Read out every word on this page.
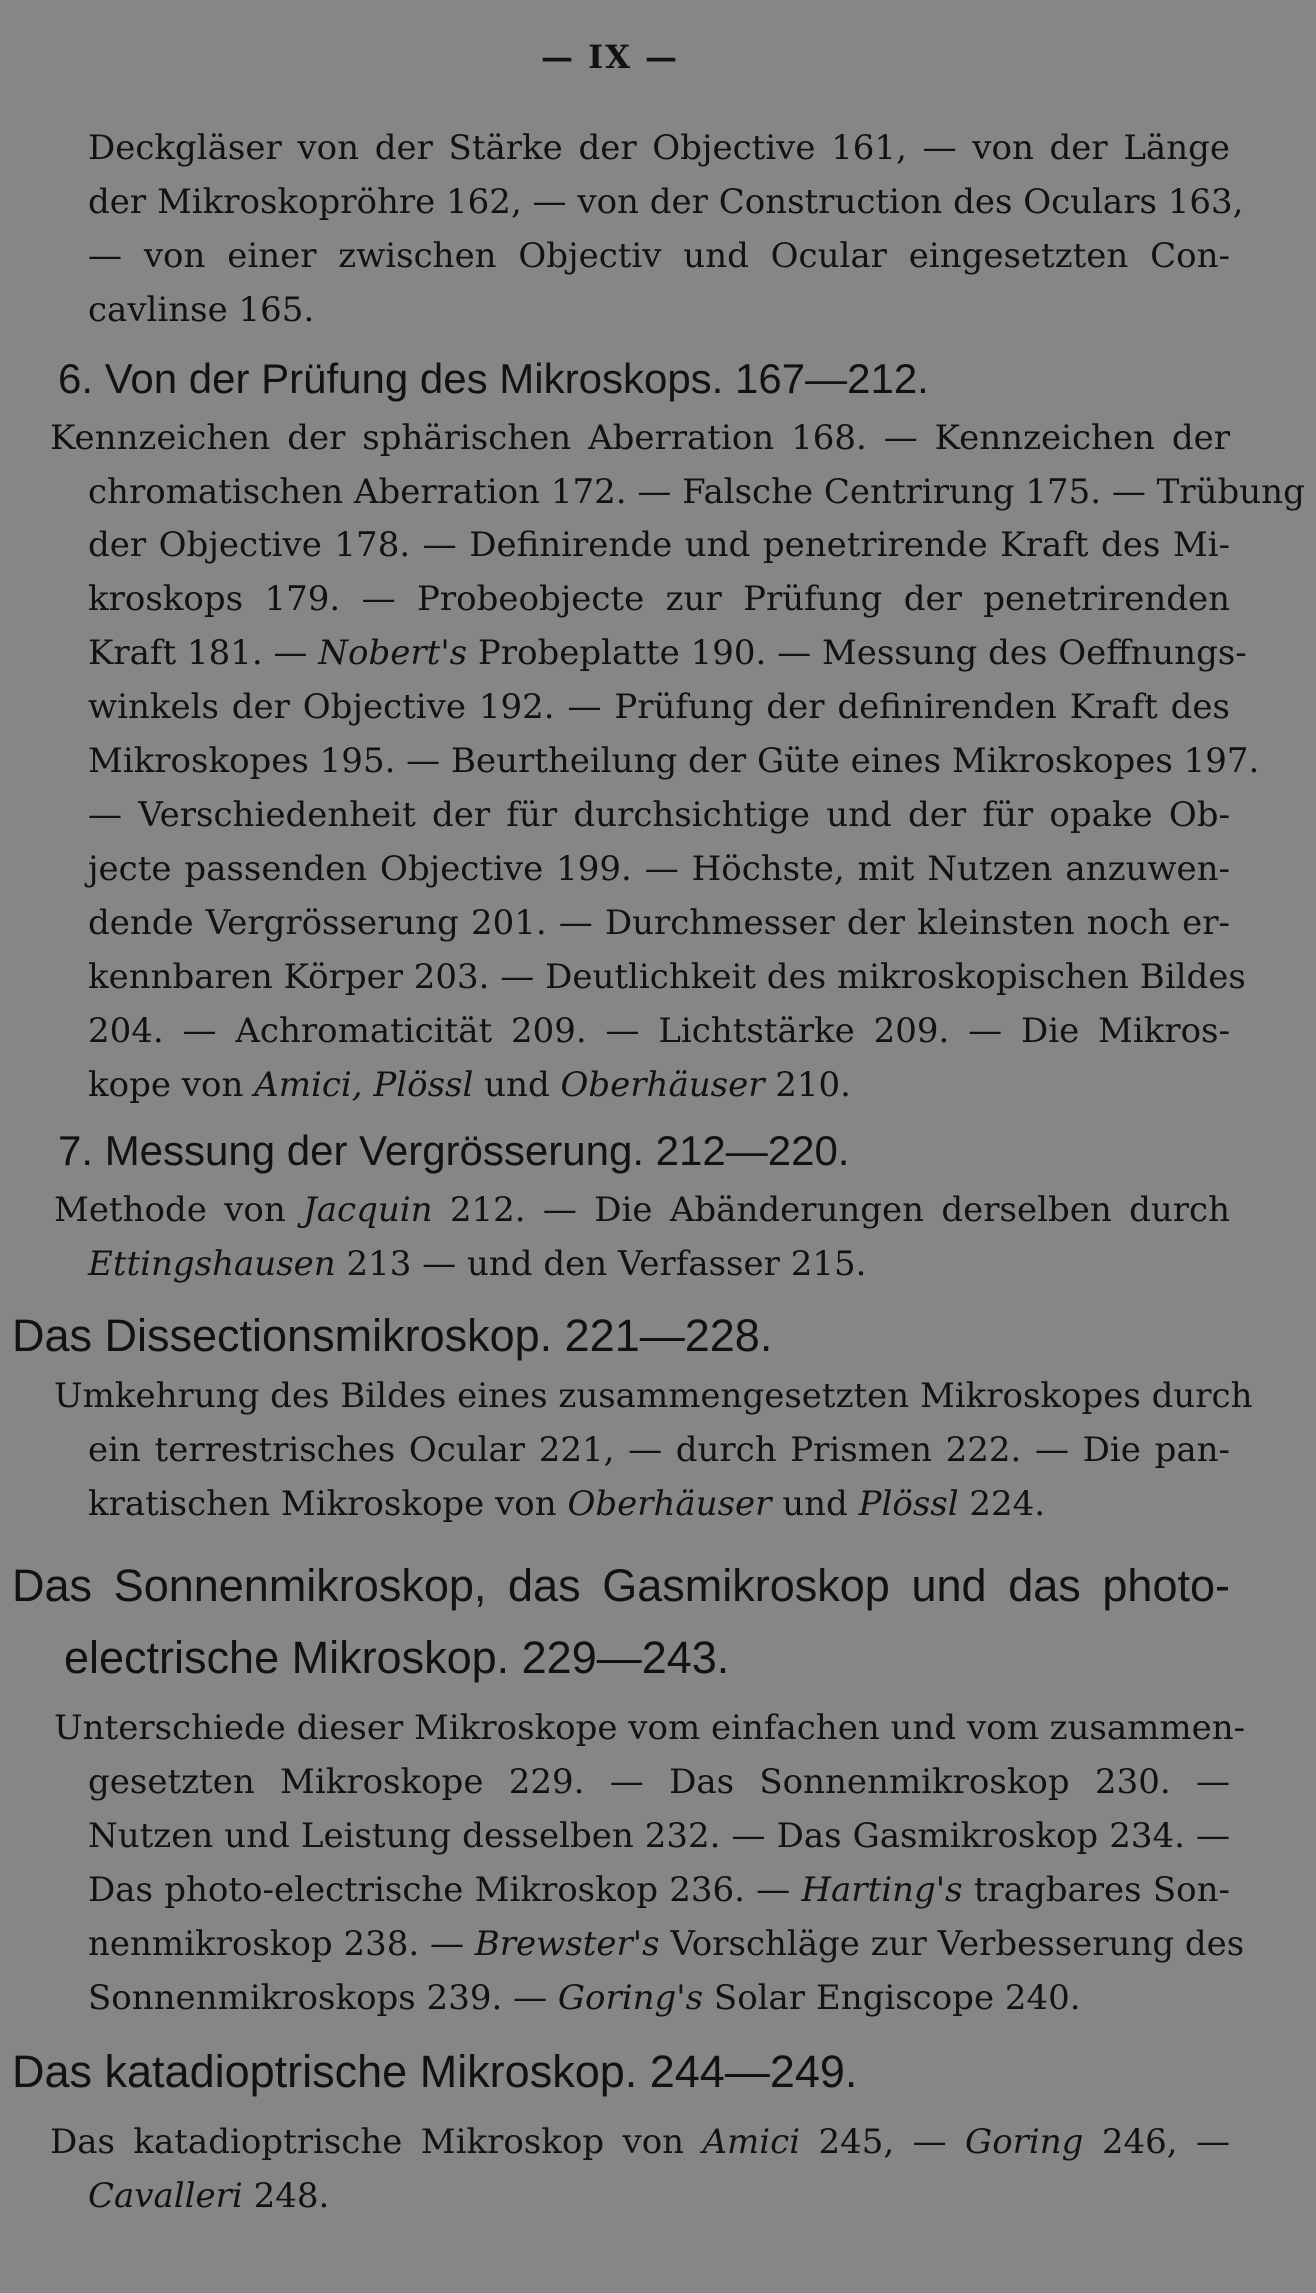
— IX —
Deckgläser von der Stärke der Objective 161, — von der Länge
der Mikroskopröhre 162, — von der Construction des Oculars 163,
— von einer zwischen Objectiv und Ocular eingesetzten Con-
cavlinse 165.
6. Von der Prüfung des Mikroskops. 167—212.
Kennzeichen der sphärischen Aberration 168. — Kennzeichen der
chromatischen Aberration 172. — Falsche Centrirung 175. — Trübung
der Objective 178. — Definirende und penetrirende Kraft des Mi-
kroskops 179. — Probeobjecte zur Prüfung der penetrirenden
Kraft 181. — Nobert's Probeplatte 190. — Messung des Oeffnungs-
winkels der Objective 192. — Prüfung der definirenden Kraft des
Mikroskopes 195. — Beurtheilung der Güte eines Mikroskopes 197.
— Verschiedenheit der für durchsichtige und der für opake Ob-
jecte passenden Objective 199. — Höchste, mit Nutzen anzuwen-
dende Vergrösserung 201. — Durchmesser der kleinsten noch er-
kennbaren Körper 203. — Deutlichkeit des mikroskopischen Bildes
204. — Achromaticität 209. — Lichtstärke 209. — Die Mikros-
kope von Amici, Plössl und Oberhäuser 210.
7. Messung der Vergrösserung. 212—220.
Methode von Jacquin 212. — Die Abänderungen derselben durch
Ettingshausen 213 — und den Verfasser 215.
Das Dissectionsmikroskop. 221—228.
Umkehrung des Bildes eines zusammengesetzten Mikroskopes durch
ein terrestrisches Ocular 221, — durch Prismen 222. — Die pan-
kratischen Mikroskope von Oberhäuser und Plössl 224.
Das Sonnenmikroskop, das Gasmikroskop und das photo-
electrische Mikroskop. 229—243.
Unterschiede dieser Mikroskope vom einfachen und vom zusammen-
gesetzten Mikroskope 229. — Das Sonnenmikroskop 230. —
Nutzen und Leistung desselben 232. — Das Gasmikroskop 234. —
Das photo-electrische Mikroskop 236. — Harting's tragbares Son-
nenmikroskop 238. — Brewster's Vorschläge zur Verbesserung des
Sonnenmikroskops 239. — Goring's Solar Engiscope 240.
Das katadioptrische Mikroskop. 244—249.
Das katadioptrische Mikroskop von Amici 245, — Goring 246, —
Cavalleri 248.
